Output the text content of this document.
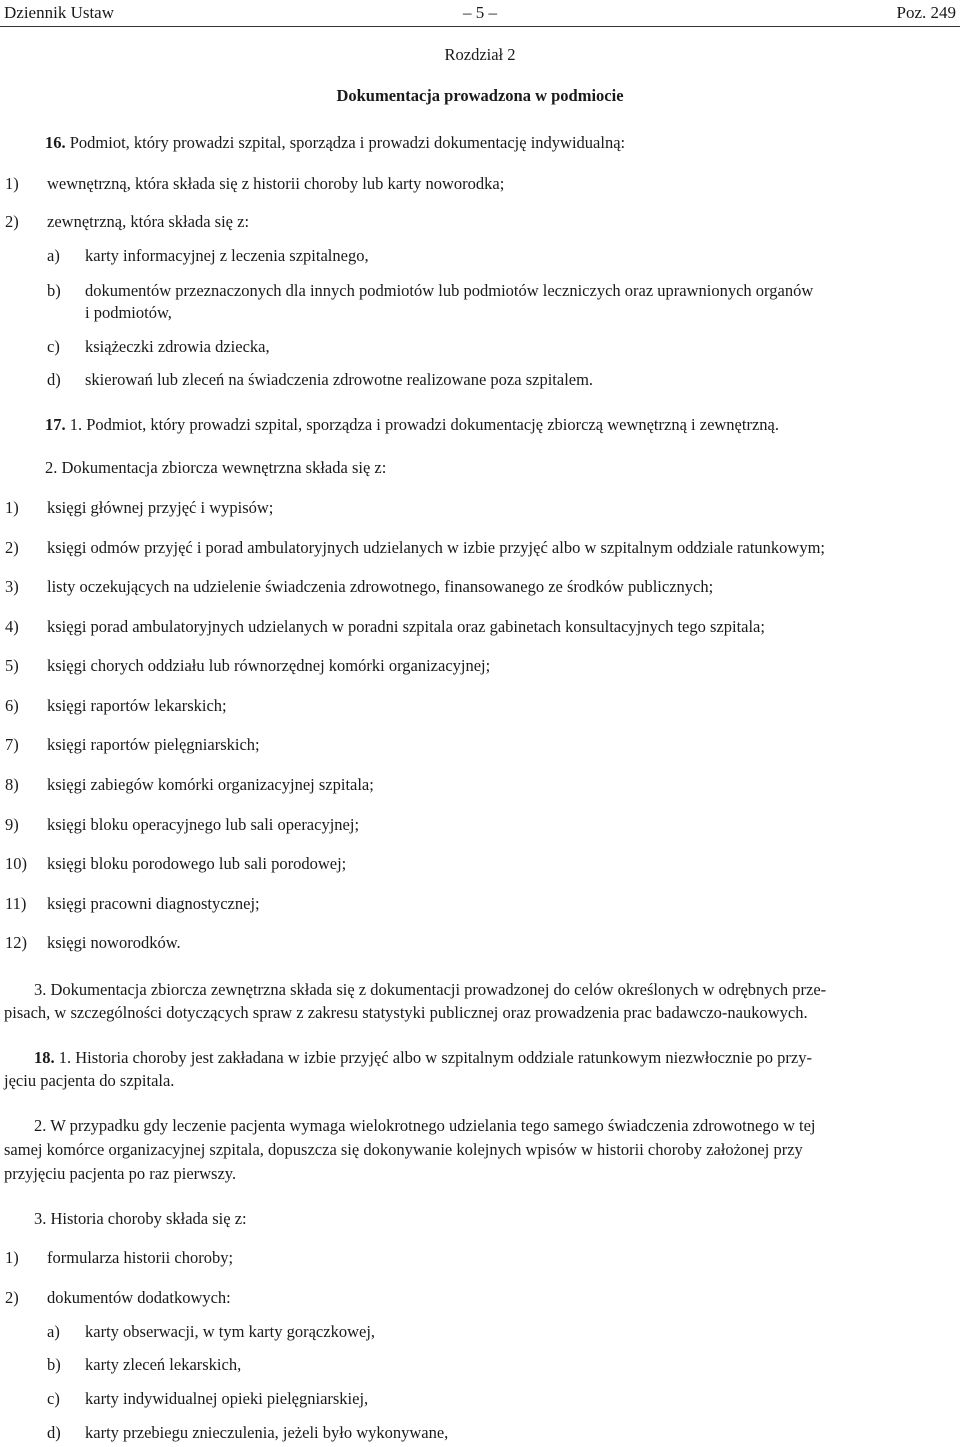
Dziennik Ustaw	– 5 –	Poz. 249
Rozdział 2
Dokumentacja prowadzona w podmiocie
16. Podmiot, który prowadzi szpital, sporządza i prowadzi dokumentację indywidualną:
1) wewnętrzną, która składa się z historii choroby lub karty noworodka;
2) zewnętrzną, która składa się z:
a) karty informacyjnej z leczenia szpitalnego,
b) dokumentów przeznaczonych dla innych podmiotów lub podmiotów leczniczych oraz uprawnionych organów
i podmiotów,
c) książeczki zdrowia dziecka,
d) skierowań lub zleceń na świadczenia zdrowotne realizowane poza szpitalem.
17. 1. Podmiot, który prowadzi szpital, sporządza i prowadzi dokumentację zbiorczą wewnętrzną i zewnętrzną.
2. Dokumentacja zbiorcza wewnętrzna składa się z:
1) księgi głównej przyjęć i wypisów;
2) księgi odmów przyjęć i porad ambulatoryjnych udzielanych w izbie przyjęć albo w szpitalnym oddziale ratunkowym;
3) listy oczekujących na udzielenie świadczenia zdrowotnego, finansowanego ze środków publicznych;
4) księgi porad ambulatoryjnych udzielanych w poradni szpitala oraz gabinetach konsultacyjnych tego szpitala;
5) księgi chorych oddziału lub równorzędnej komórki organizacyjnej;
6) księgi raportów lekarskich;
7) księgi raportów pielęgniarskich;
8) księgi zabiegów komórki organizacyjnej szpitala;
9) księgi bloku operacyjnego lub sali operacyjnej;
10) księgi bloku porodowego lub sali porodowej;
11) księgi pracowni diagnostycznej;
12) księgi noworodków.
3. Dokumentacja zbiorcza zewnętrzna składa się z dokumentacji prowadzonej do celów określonych w odrębnych prze-
pisach, w szczególności dotyczących spraw z zakresu statystyki publicznej oraz prowadzenia prac badawczo-naukowych.
18. 1. Historia choroby jest zakładana w izbie przyjęć albo w szpitalnym oddziale ratunkowym niezwłocznie po przy-
jęciu pacjenta do szpitala.
2. W przypadku gdy leczenie pacjenta wymaga wielokrotnego udzielania tego samego świadczenia zdrowotnego w tej
samej komórce organizacyjnej szpitala, dopuszcza się dokonywanie kolejnych wpisów w historii choroby założonej przy
przyjęciu pacjenta po raz pierwszy.
3. Historia choroby składa się z:
1) formularza historii choroby;
2) dokumentów dodatkowych:
a) karty obserwacji, w tym karty gorączkowej,
b) karty zleceń lekarskich,
c) karty indywidualnej opieki pielęgniarskiej,
d) karty przebiegu znieczulenia, jeżeli było wykonywane,
